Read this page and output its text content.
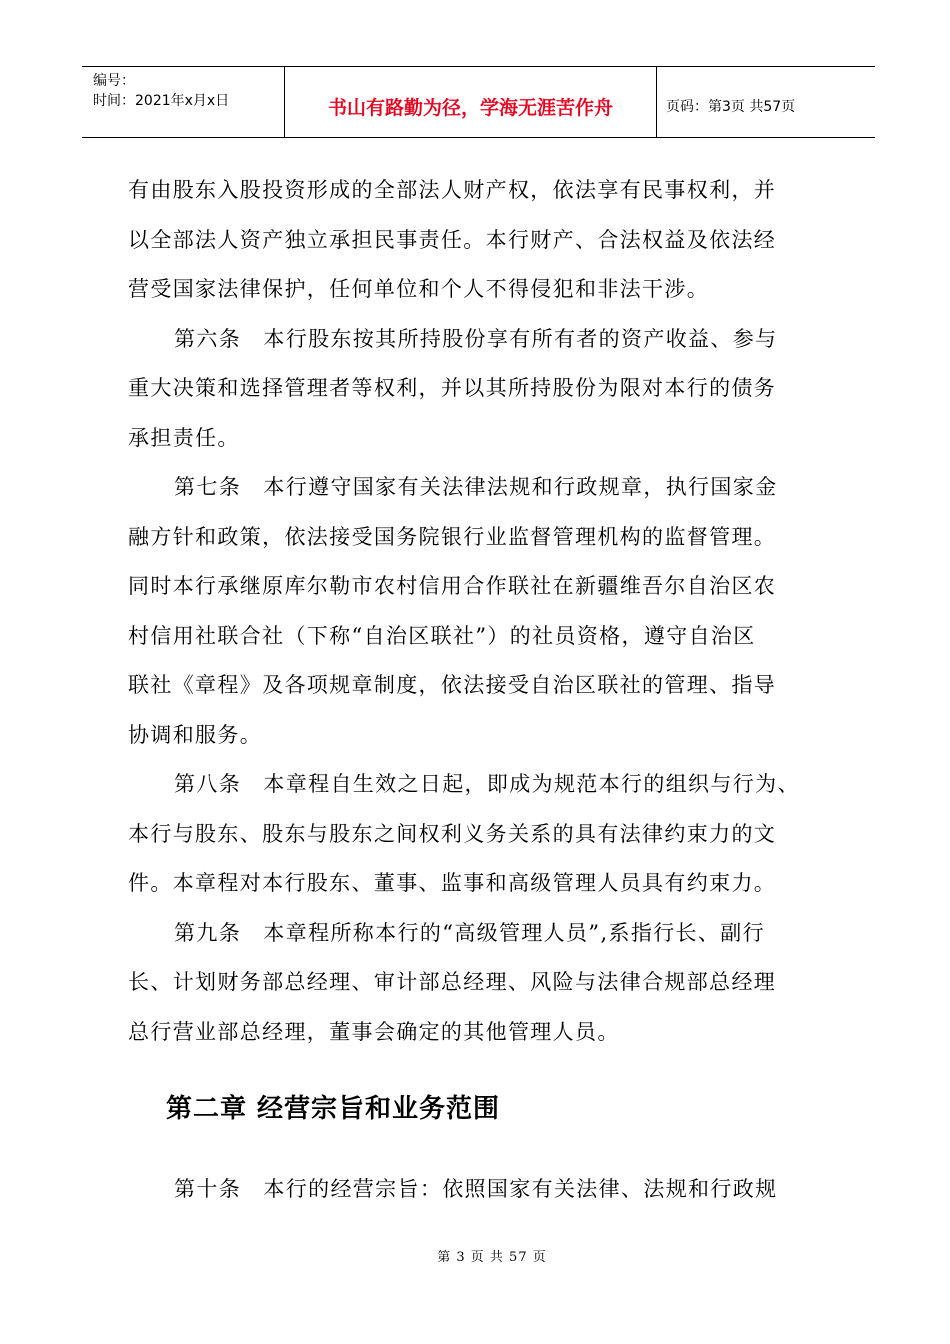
编号：
时间：2021年x月x日	书山有路勤为径，学海无涯苦作舟	页码：第3页 共57页
有由股东入股投资形成的全部法人财产权，依法享有民事权利，并
以全部法人资产独立承担民事责任。本行财产、合法权益及依法经
营受国家法律保护，任何单位和个人不得侵犯和非法干涉。
第六条　本行股东按其所持股份享有所有者的资产收益、参与
重大决策和选择管理者等权利，并以其所持股份为限对本行的债务
承担责任。
第七条　本行遵守国家有关法律法规和行政规章，执行国家金
融方针和政策，依法接受国务院银行业监督管理机构的监督管理。
同时本行承继原库尔勒市农村信用合作联社在新疆维吾尔自治区农
村信用社联合社（下称“自治区联社”）的社员资格，遵守自治区
联社《章程》及各项规章制度，依法接受自治区联社的管理、指导
协调和服务。
第八条　本章程自生效之日起，即成为规范本行的组织与行为、
本行与股东、股东与股东之间权利义务关系的具有法律约束力的文
件。本章程对本行股东、董事、监事和高级管理人员具有约束力。
第九条　本章程所称本行的“高级管理人员”,系指行长、副行
长、计划财务部总经理、审计部总经理、风险与法律合规部总经理
总行营业部总经理，董事会确定的其他管理人员。
第二章 经营宗旨和业务范围
第十条　本行的经营宗旨：依照国家有关法律、法规和行政规
第 3 页 共 57 页
